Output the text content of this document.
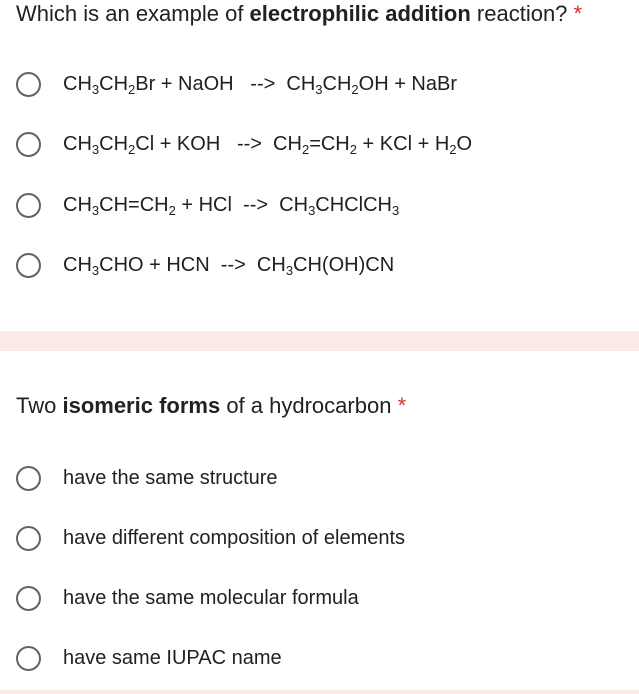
Which is an example of electrophilic addition reaction? *
$CH_3CH_2Br$ + NaOH   -->  $CH_3CH_2OH$ + NaBr
$CH_3CH_2Cl$ + KOH   -->  $CH_2=CH_2$ + KCl + $H_2O$
$CH_3CH=CH_2$ + HCl  -->  $CH_3CHClCH_3$
$CH_3CHO$ + HCN  -->  $CH_3CH(OH)CN$
Two isomeric forms of a hydrocarbon *
have the same structure
have different composition of elements
have the same molecular formula
have same IUPAC name
